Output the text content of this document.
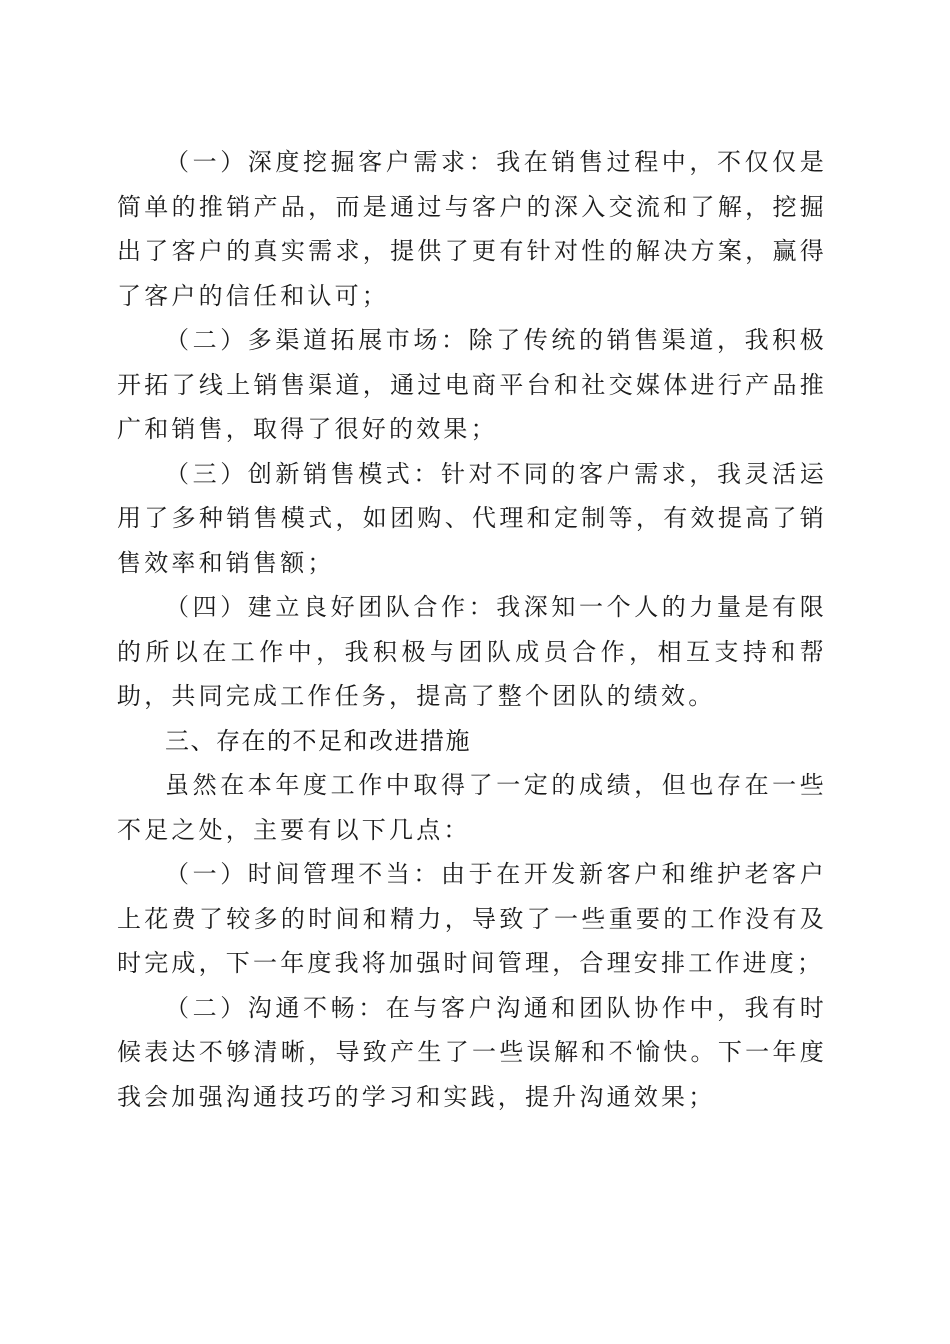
（一）深度挖掘客户需求：我在销售过程中，不仅仅是简单的推销产品，而是通过与客户的深入交流和了解，挖掘出了客户的真实需求，提供了更有针对性的解决方案，赢得了客户的信任和认可；

（二）多渠道拓展市场：除了传统的销售渠道，我积极开拓了线上销售渠道，通过电商平台和社交媒体进行产品推广和销售，取得了很好的效果；

（三）创新销售模式：针对不同的客户需求，我灵活运用了多种销售模式，如团购、代理和定制等，有效提高了销售效率和销售额；

（四）建立良好团队合作：我深知一个人的力量是有限的所以在工作中，我积极与团队成员合作，相互支持和帮助，共同完成工作任务，提高了整个团队的绩效。

三、存在的不足和改进措施

虽然在本年度工作中取得了一定的成绩，但也存在一些不足之处，主要有以下几点：

（一）时间管理不当：由于在开发新客户和维护老客户上花费了较多的时间和精力，导致了一些重要的工作没有及时完成，下一年度我将加强时间管理，合理安排工作进度；

（二）沟通不畅：在与客户沟通和团队协作中，我有时候表达不够清晰，导致产生了一些误解和不愉快。下一年度我会加强沟通技巧的学习和实践，提升沟通效果；
